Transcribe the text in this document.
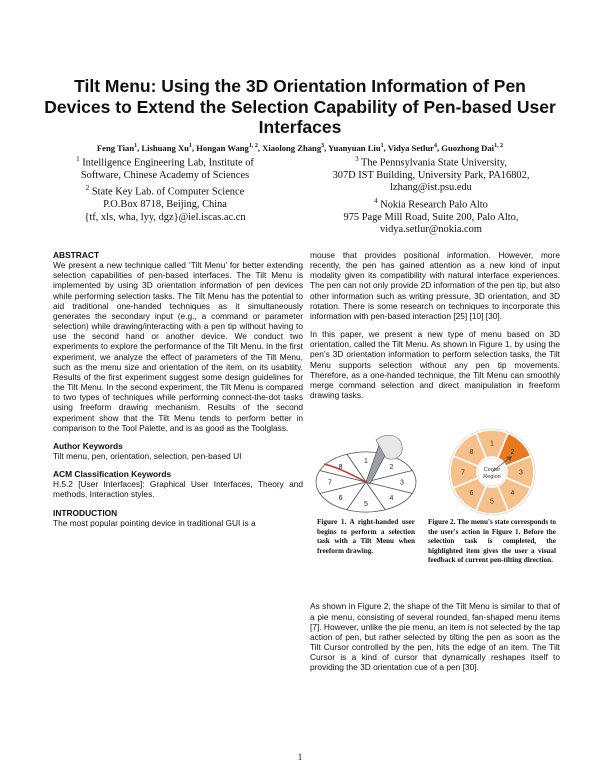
Tilt Menu: Using the 3D Orientation Information of Pen Devices to Extend the Selection Capability of Pen-based User Interfaces
Feng Tian$^1$, Lishuang Xu$^1$, Hongan Wang$^{1, 2}$, Xiaolong Zhang$^3$, Yuanyuan Liu$^1$, Vidya Setlur$^4$, Guozhong Dai$^{1, 2}$
$^1$ Intelligence Engineering Lab, Institute of
Software, Chinese Academy of Sciences
$^2$ State Key Lab. of Computer Science
P.O.Box 8718, Beijing, China
{tf, xls, wha, lyy, dgz}@iel.iscas.ac.cn
$^3$ The Pennsylvania State University,
307D IST Building, University Park, PA16802,
lzhang@ist.psu.edu
$^4$ Nokia Research Palo Alto
975 Page Mill Road, Suite 200, Palo Alto,
vidya.setlur@nokia.com
ABSTRACT

We present a new technique called ‘Tilt Menu’ for better extending selection capabilities of pen-based interfaces. The Tilt Menu is implemented by using 3D orientation information of pen devices while performing selection tasks. The Tilt Menu has the potential to aid traditional one-handed techniques as it simultaneously generates the secondary input (e.g., a command or parameter selection) while drawing/interacting with a pen tip without having to use the second hand or another device. We conduct two experiments to explore the performance of the Tilt Menu. In the first experiment, we analyze the effect of parameters of the Tilt Menu, such as the menu size and orientation of the item, on its usability. Results of the first experiment suggest some design guidelines for the Tilt Menu. In the second experiment, the Tilt Menu is compared to two types of techniques while performing connect-the-dot tasks using freeform drawing mechanism. Results of the second experiment show that the Tilt Menu tends to perform better in comparison to the Tool Palette, and is as good as the Toolglass.

Author Keywords

Tilt menu, pen, orientation, selection, pen-based UI

ACM Classification Keywords

H.5.2 [User Interfaces]: Graphical User Interfaces, Theory and methods, Interaction styles.

INTRODUCTION

The most popular pointing device in traditional GUI is a

mouse that provides positional information. However, more recently, the pen has gained attention as a new kind of input modality given its compatibility with natural interface experiences. The pen can not only provide 2D information of the pen tip, but also other information such as writing pressure, 3D orientation, and 3D rotation. There is some research on techniques to incorporate this information with pen-based interaction [25] [10] [30].

In this paper, we present a new type of menu based on 3D orientation, called the Tilt Menu. As shown in Figure 1, by using the pen’s 3D orientation information to perform selection tasks, the Tilt Menu supports selection without any pen tip movements. Therefore, as a one-handed technique, the Tilt Menu can smoothly merge command selection and direct manipulation in freeform drawing tasks.

1
2
3
4
5
6
7
8
1
2
3
4
5
6
7
8
Center
Region
Figure 1. A right-handed user begins to perform a selection task with a Tilt Menu when freeform drawing.
Figure 2. The menu's state corresponds to the user's action in Figure 1. Before the selection task is completed, the highlighted item gives the user a visual feedback of current pen-tilting direction.

As shown in Figure 2, the shape of the Tilt Menu is similar to that of a pie menu, consisting of several rounded, fan-shaped menu items [7]. However, unlike the pie menu, an item is not selected by the tap action of pen, but rather selected by tilting the pen as soon as the Tilt Cursor controlled by the pen, hits the edge of an item. The Tilt Cursor is a kind of cursor that dynamically reshapes itself to providing the 3D orientation cue of a pen [30].

1
